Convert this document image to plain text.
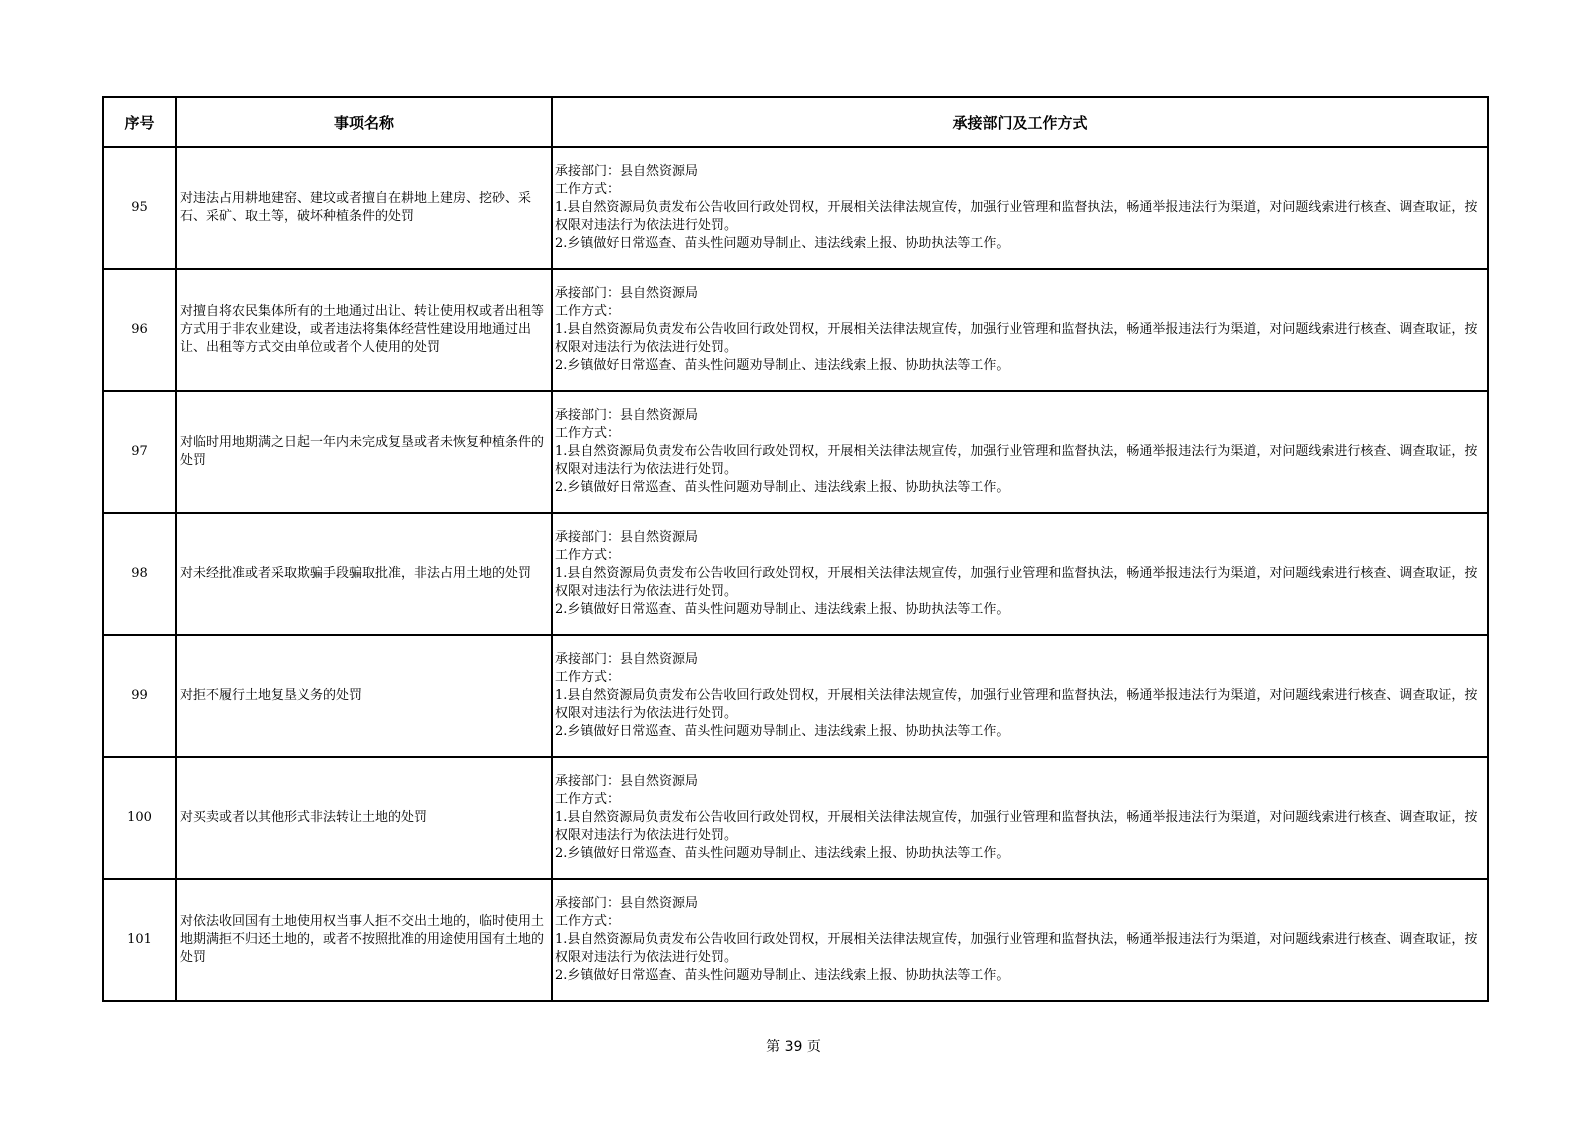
序号	事项名称	承接部门及工作方式
95	对违法占用耕地建窑、建坟或者擅自在耕地上建房、挖砂、采石、采矿、取土等，破坏种植条件的处罚	承接部门：县自然资源局
工作方式：
1.县自然资源局负责发布公告收回行政处罚权，开展相关法律法规宣传，加强行业管理和监督执法，畅通举报违法行为渠道，对问题线索进行核查、调查取证，按权限对违法行为依法进行处罚。
2.乡镇做好日常巡查、苗头性问题劝导制止、违法线索上报、协助执法等工作。

96	对擅自将农民集体所有的土地通过出让、转让使用权或者出租等方式用于非农业建设，或者违法将集体经营性建设用地通过出让、出租等方式交由单位或者个人使用的处罚	承接部门：县自然资源局
工作方式：
1.县自然资源局负责发布公告收回行政处罚权，开展相关法律法规宣传，加强行业管理和监督执法，畅通举报违法行为渠道，对问题线索进行核查、调查取证，按权限对违法行为依法进行处罚。
2.乡镇做好日常巡查、苗头性问题劝导制止、违法线索上报、协助执法等工作。

97	对临时用地期满之日起一年内未完成复垦或者未恢复种植条件的处罚	承接部门：县自然资源局
工作方式：
1.县自然资源局负责发布公告收回行政处罚权，开展相关法律法规宣传，加强行业管理和监督执法，畅通举报违法行为渠道，对问题线索进行核查、调查取证，按权限对违法行为依法进行处罚。
2.乡镇做好日常巡查、苗头性问题劝导制止、违法线索上报、协助执法等工作。

98	对未经批准或者采取欺骗手段骗取批准，非法占用土地的处罚	承接部门：县自然资源局
工作方式：
1.县自然资源局负责发布公告收回行政处罚权，开展相关法律法规宣传，加强行业管理和监督执法，畅通举报违法行为渠道，对问题线索进行核查、调查取证，按权限对违法行为依法进行处罚。
2.乡镇做好日常巡查、苗头性问题劝导制止、违法线索上报、协助执法等工作。

99	对拒不履行土地复垦义务的处罚	承接部门：县自然资源局
工作方式：
1.县自然资源局负责发布公告收回行政处罚权，开展相关法律法规宣传，加强行业管理和监督执法，畅通举报违法行为渠道，对问题线索进行核查、调查取证，按权限对违法行为依法进行处罚。
2.乡镇做好日常巡查、苗头性问题劝导制止、违法线索上报、协助执法等工作。

100	对买卖或者以其他形式非法转让土地的处罚	承接部门：县自然资源局
工作方式：
1.县自然资源局负责发布公告收回行政处罚权，开展相关法律法规宣传，加强行业管理和监督执法，畅通举报违法行为渠道，对问题线索进行核查、调查取证，按权限对违法行为依法进行处罚。
2.乡镇做好日常巡查、苗头性问题劝导制止、违法线索上报、协助执法等工作。

101	对依法收回国有土地使用权当事人拒不交出土地的，临时使用土地期满拒不归还土地的，或者不按照批准的用途使用国有土地的处罚	承接部门：县自然资源局
工作方式：
1.县自然资源局负责发布公告收回行政处罚权，开展相关法律法规宣传，加强行业管理和监督执法，畅通举报违法行为渠道，对问题线索进行核查、调查取证，按权限对违法行为依法进行处罚。
2.乡镇做好日常巡查、苗头性问题劝导制止、违法线索上报、协助执法等工作。
第 39 页
